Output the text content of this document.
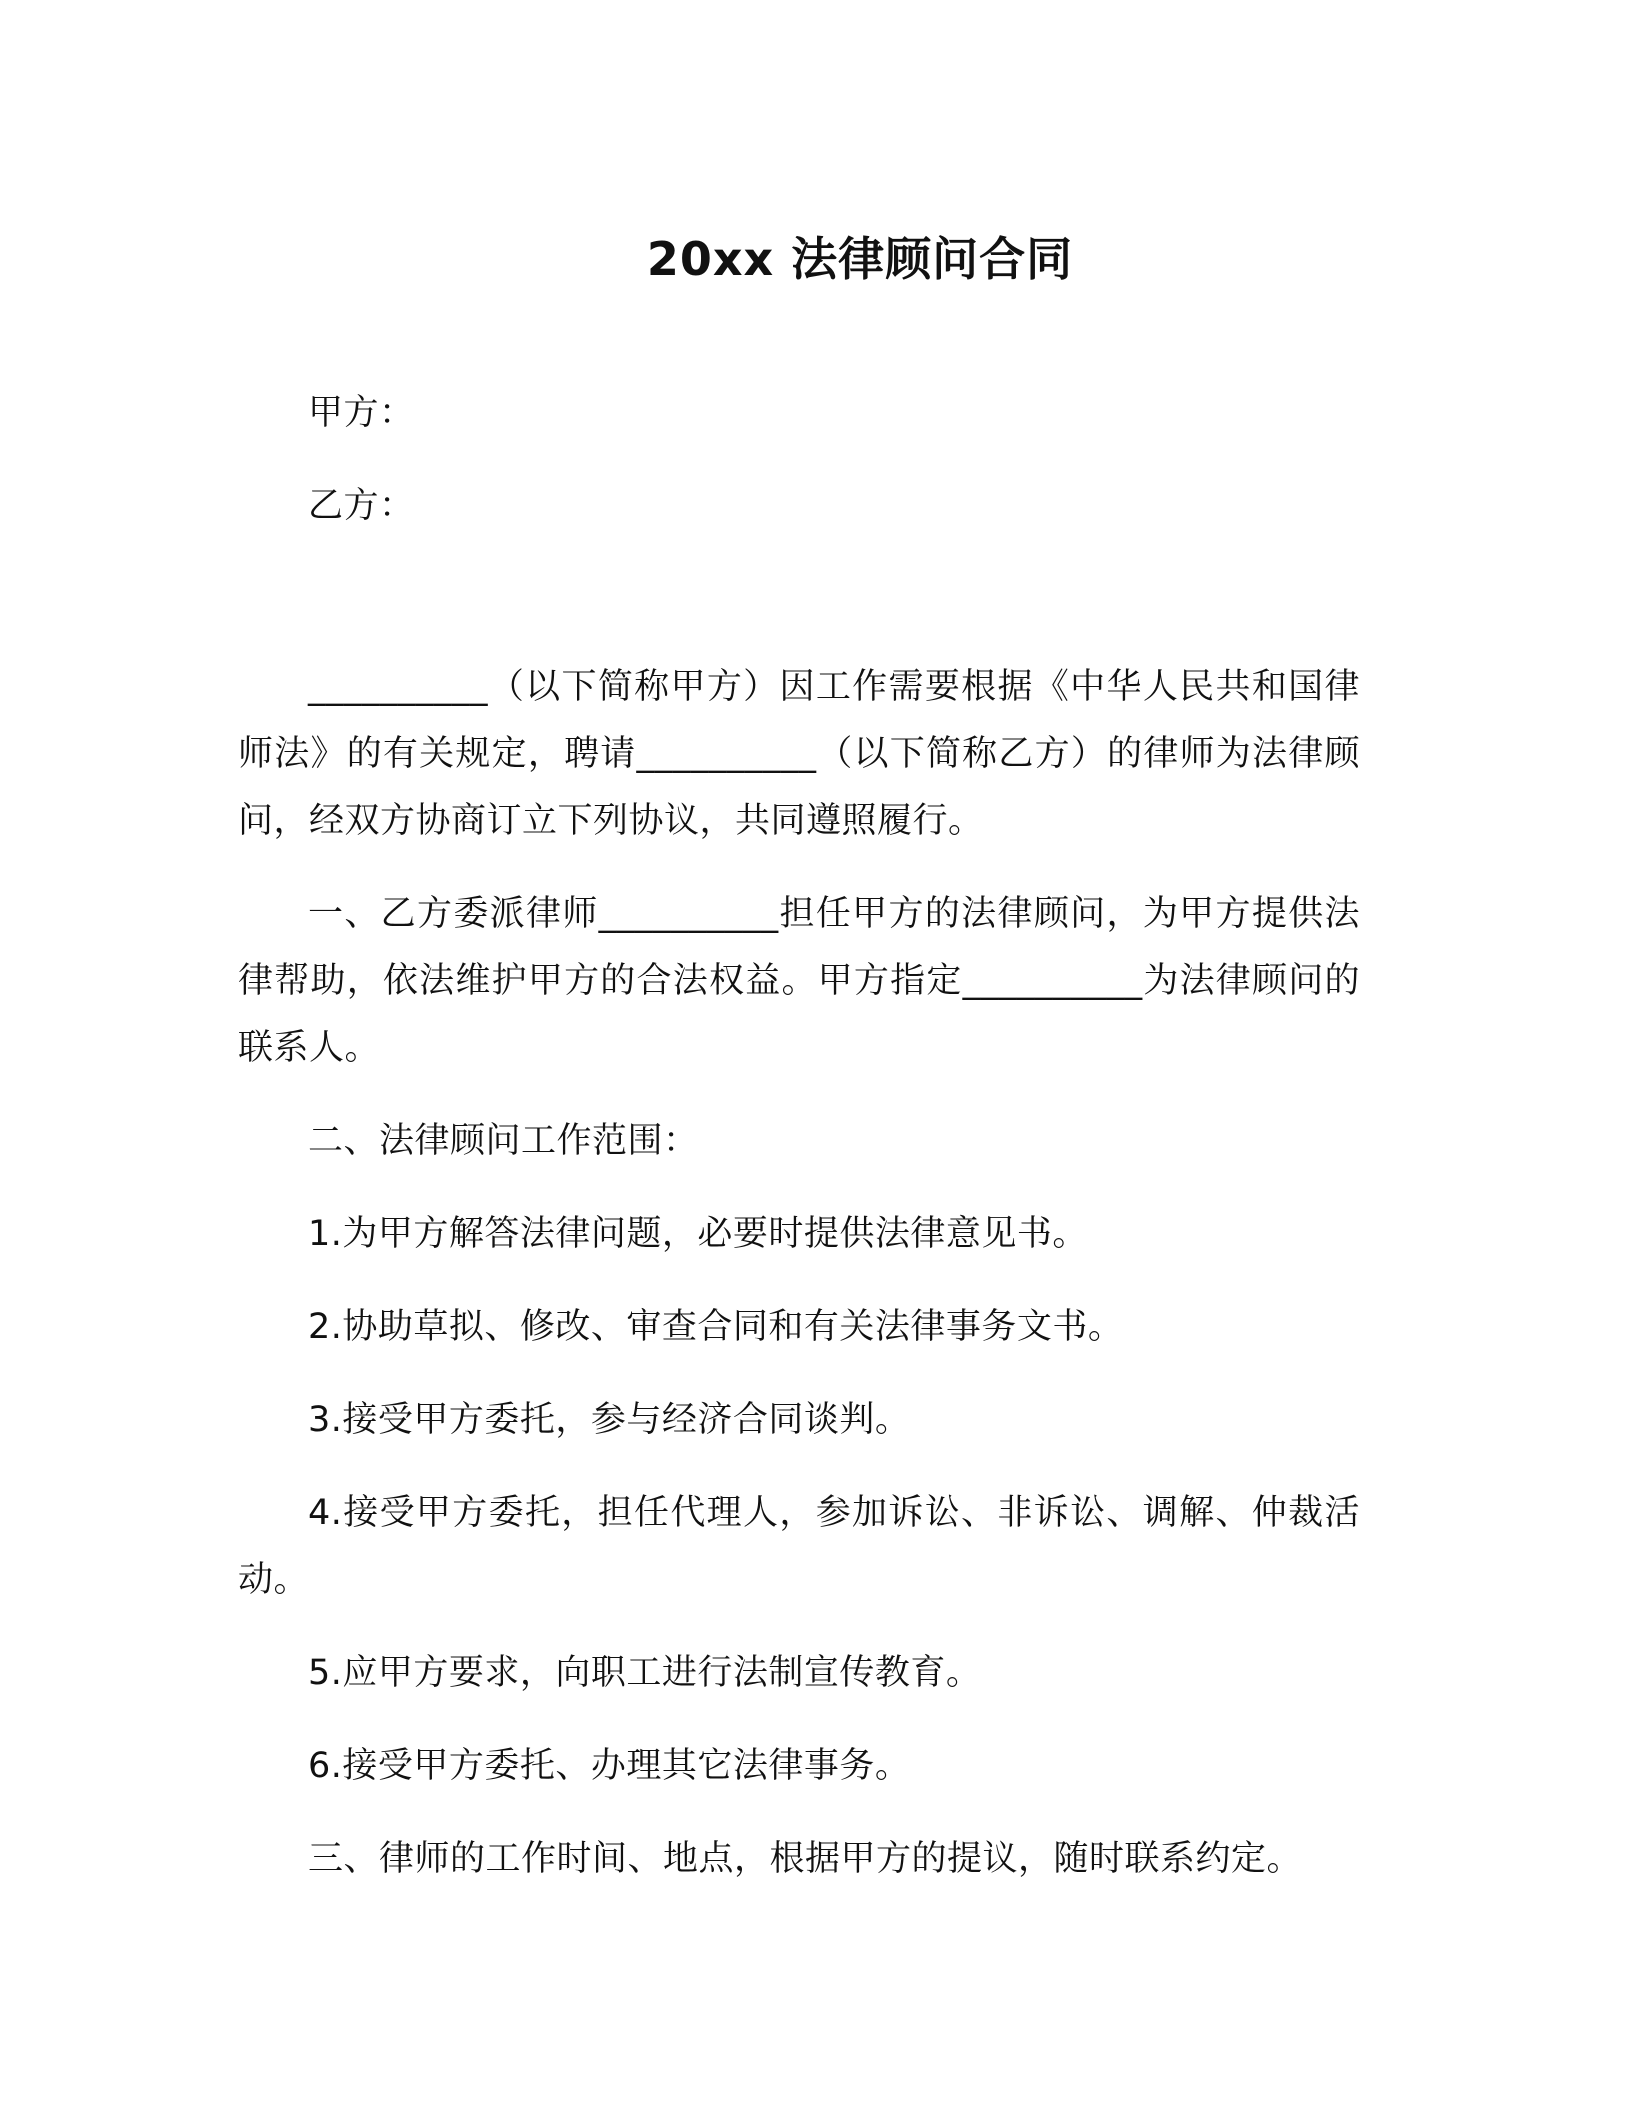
20xx 法律顾问合同

甲方：

乙方：

__________（以下简称甲方）因工作需要根据《中华人民共和国律师法》的有关规定，聘请__________（以下简称乙方）的律师为法律顾问，经双方协商订立下列协议，共同遵照履行。

一、乙方委派律师__________担任甲方的法律顾问，为甲方提供法律帮助，依法维护甲方的合法权益。甲方指定__________为法律顾问的联系人。

二、法律顾问工作范围：

1.为甲方解答法律问题，必要时提供法律意见书。

2.协助草拟、修改、审查合同和有关法律事务文书。

3.接受甲方委托，参与经济合同谈判。

4.接受甲方委托，担任代理人，参加诉讼、非诉讼、调解、仲裁活动。

5.应甲方要求，向职工进行法制宣传教育。

6.接受甲方委托、办理其它法律事务。

三、律师的工作时间、地点，根据甲方的提议，随时联系约定。
